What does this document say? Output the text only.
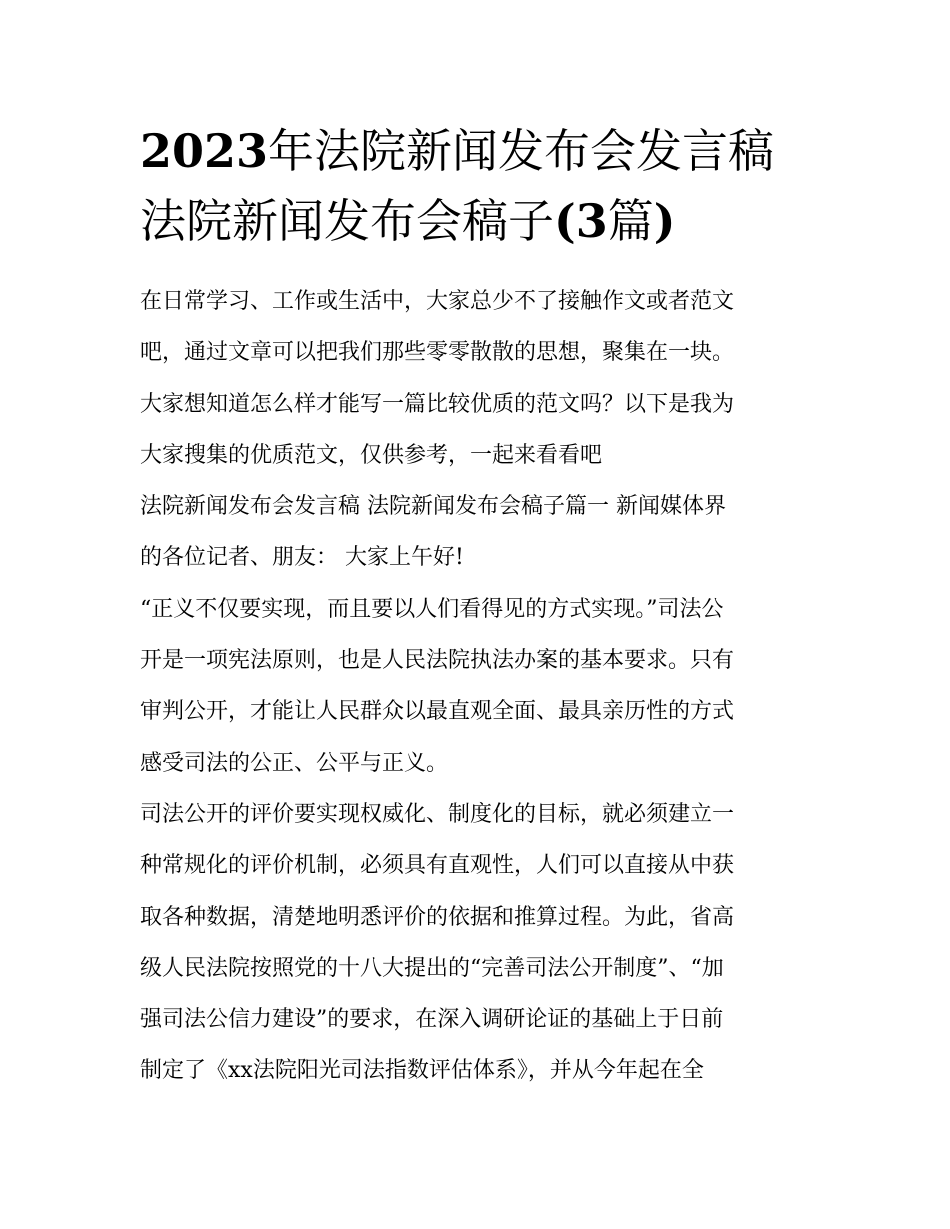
2023年法院新闻发布会发言稿
法院新闻发布会稿子(3篇)
在日常学习、工作或生活中，大家总少不了接触作文或者范文
吧，通过文章可以把我们那些零零散散的思想，聚集在一块。
大家想知道怎么样才能写一篇比较优质的范文吗？以下是我为
大家搜集的优质范文，仅供参考，一起来看看吧
法院新闻发布会发言稿 法院新闻发布会稿子篇一 新闻媒体界
的各位记者、朋友： 大家上午好!
“正义不仅要实现，而且要以人们看得见的方式实现。”司法公
开是一项宪法原则，也是人民法院执法办案的基本要求。只有
审判公开，才能让人民群众以最直观全面、最具亲历性的方式
感受司法的公正、公平与正义。
司法公开的评价要实现权威化、制度化的目标，就必须建立一
种常规化的评价机制，必须具有直观性，人们可以直接从中获
取各种数据，清楚地明悉评价的依据和推算过程。为此，省高
级人民法院按照党的十八大提出的“完善司法公开制度”、“加
强司法公信力建设”的要求，在深入调研论证的基础上于日前
制定了《xx法院阳光司法指数评估体系》，并从今年起在全
